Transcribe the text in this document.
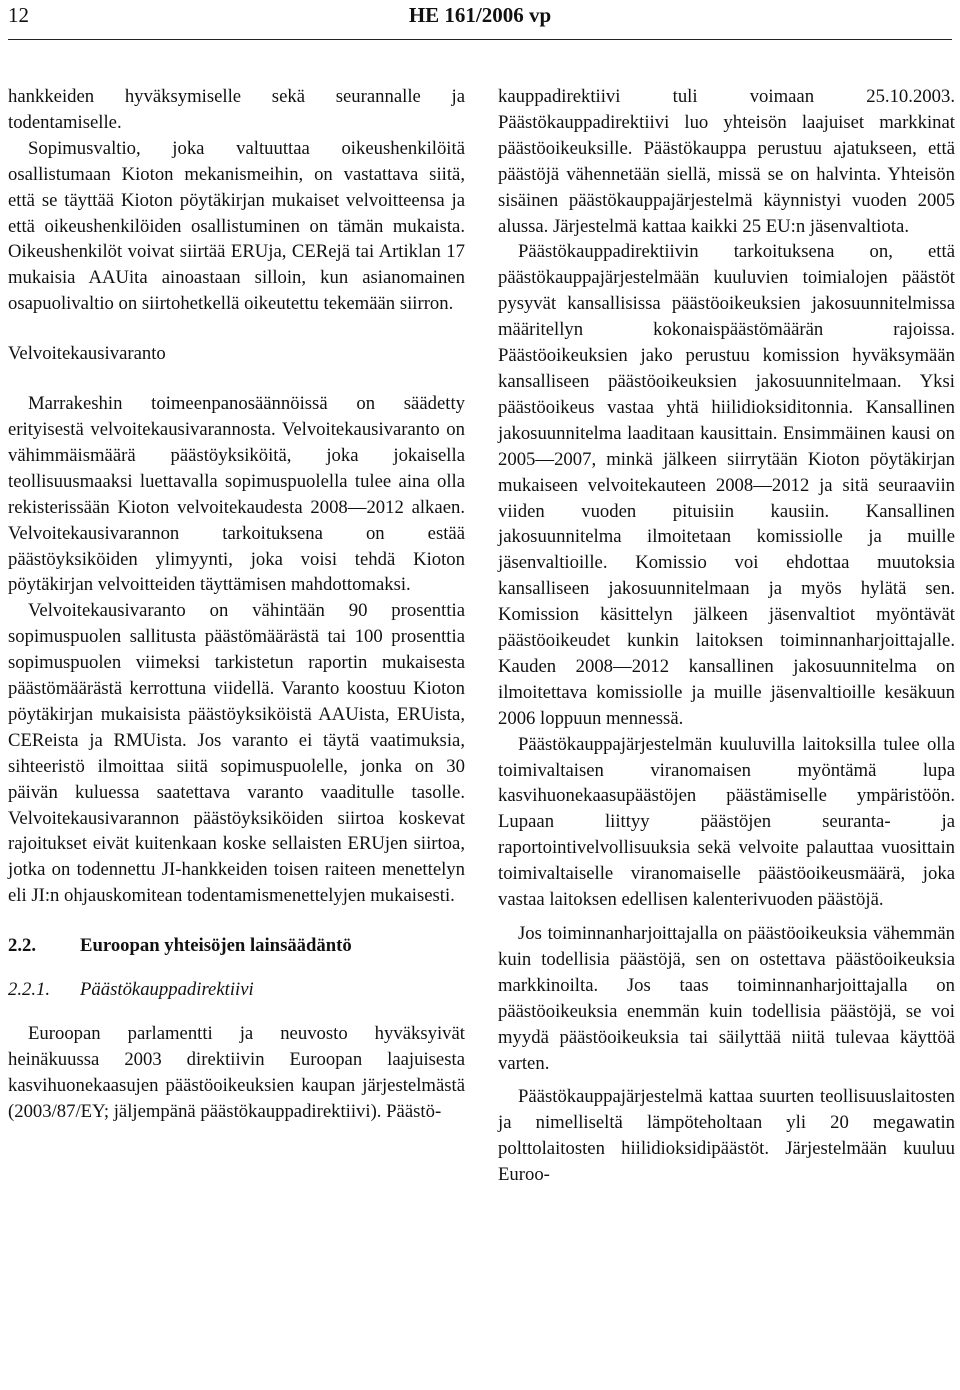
12	HE 161/2006 vp

hankkeiden hyväksymiselle sekä seurannalle ja todentamiselle.

Sopimusvaltio, joka valtuuttaa oikeushenkilöitä osallistumaan Kioton mekanismeihin, on vastattava siitä, että se täyttää Kioton pöytäkirjan mukaiset velvoitteensa ja että oikeushenkilöiden osallistuminen on tämän mukaista. Oikeushenkilöt voivat siirtää ERUja, CERejä tai Artiklan 17 mukaisia AAUita ainoastaan silloin, kun asianomainen osapuolivaltio on siirtohetkellä oikeutettu tekemään siirron.

Velvoitekausivaranto

Marrakeshin toimeenpanosäännöissä on säädetty erityisestä velvoitekausivarannosta. Velvoitekausivaranto on vähimmäismäärä päästöyksiköitä, joka jokaisella teollisuusmaaksi luettavalla sopimuspuolella tulee aina olla rekisterissään Kioton velvoitekaudesta 2008—2012 alkaen. Velvoitekausivarannon tarkoituksena on estää päästöyksiköiden ylimyynti, joka voisi tehdä Kioton pöytäkirjan velvoitteiden täyttämisen mahdottomaksi.

Velvoitekausivaranto on vähintään 90 prosenttia sopimuspuolen sallitusta päästömäärästä tai 100 prosenttia sopimuspuolen viimeksi tarkistetun raportin mukaisesta päästömäärästä kerrottuna viidellä. Varanto koostuu Kioton pöytäkirjan mukaisista päästöyksiköistä AAUista, ERUista, CEReista ja RMUista. Jos varanto ei täytä vaatimuksia, sihteeristö ilmoittaa siitä sopimuspuolelle, jonka on 30 päivän kuluessa saatettava varanto vaaditulle tasolle. Velvoitekausivarannon päästöyksiköiden siirtoa koskevat rajoitukset eivät kuitenkaan koske sellaisten ERUjen siirtoa, jotka on todennettu JI-hankkeiden toisen raiteen menettelyn eli JI:n ohjauskomitean todentamismenettelyjen mukaisesti.

2.2. Euroopan yhteisöjen lainsäädäntö

2.2.1. Päästökauppadirektiivi

Euroopan parlamentti ja neuvosto hyväksyivät heinäkuussa 2003 direktiivin Euroopan laajuisesta kasvihuonekaasujen päästöoikeuksien kaupan järjestelmästä (2003/87/EY; jäljempänä päästökauppadirektiivi). Päästö-

kauppadirektiivi tuli voimaan 25.10.2003. Päästökauppadirektiivi luo yhteisön laajuiset markkinat päästöoikeuksille. Päästökauppa perustuu ajatukseen, että päästöjä vähennetään siellä, missä se on halvinta. Yhteisön sisäinen päästökauppajärjestelmä käynnistyi vuoden 2005 alussa. Järjestelmä kattaa kaikki 25 EU:n jäsenvaltiota.

Päästökauppadirektiivin tarkoituksena on, että päästökauppajärjestelmään kuuluvien toimialojen päästöt pysyvät kansallisissa päästöoikeuksien jakosuunnitelmissa määritellyn kokonaispäästömäärän rajoissa. Päästöoikeuksien jako perustuu komission hyväksymään kansalliseen päästöoikeuksien jakosuunnitelmaan. Yksi päästöoikeus vastaa yhtä hiilidioksiditonnia. Kansallinen jakosuunnitelma laaditaan kausittain. Ensimmäinen kausi on 2005—2007, minkä jälkeen siirrytään Kioton pöytäkirjan mukaiseen velvoitekauteen 2008—2012 ja sitä seuraaviin viiden vuoden pituisiin kausiin. Kansallinen jakosuunnitelma ilmoitetaan komissiolle ja muille jäsenvaltioille. Komissio voi ehdottaa muutoksia kansalliseen jakosuunnitelmaan ja myös hylätä sen. Komission käsittelyn jälkeen jäsenvaltiot myöntävät päästöoikeudet kunkin laitoksen toiminnanharjoittajalle. Kauden 2008—2012 kansallinen jakosuunnitelma on ilmoitettava komissiolle ja muille jäsenvaltioille kesäkuun 2006 loppuun mennessä.

Päästökauppajärjestelmän kuuluvilla laitoksilla tulee olla toimivaltaisen viranomaisen myöntämä lupa kasvihuonekaasupäästöjen päästämiselle ympäristöön. Lupaan liittyy päästöjen seuranta- ja raportointivelvollisuuksia sekä velvoite palauttaa vuosittain toimivaltaiselle viranomaiselle päästöoikeusmäärä, joka vastaa laitoksen edellisen kalenterivuoden päästöjä.

Jos toiminnanharjoittajalla on päästöoikeuksia vähemmän kuin todellisia päästöjä, sen on ostettava päästöoikeuksia markkinoilta. Jos taas toiminnanharjoittajalla on päästöoikeuksia enemmän kuin todellisia päästöjä, se voi myydä päästöoikeuksia tai säilyttää niitä tulevaa käyttöä varten.

Päästökauppajärjestelmä kattaa suurten teollisuuslaitosten ja nimelliseltä lämpöteholtaan yli 20 megawatin polttolaitosten hiilidioksidipäästöt. Järjestelmään kuuluu Euroo-
